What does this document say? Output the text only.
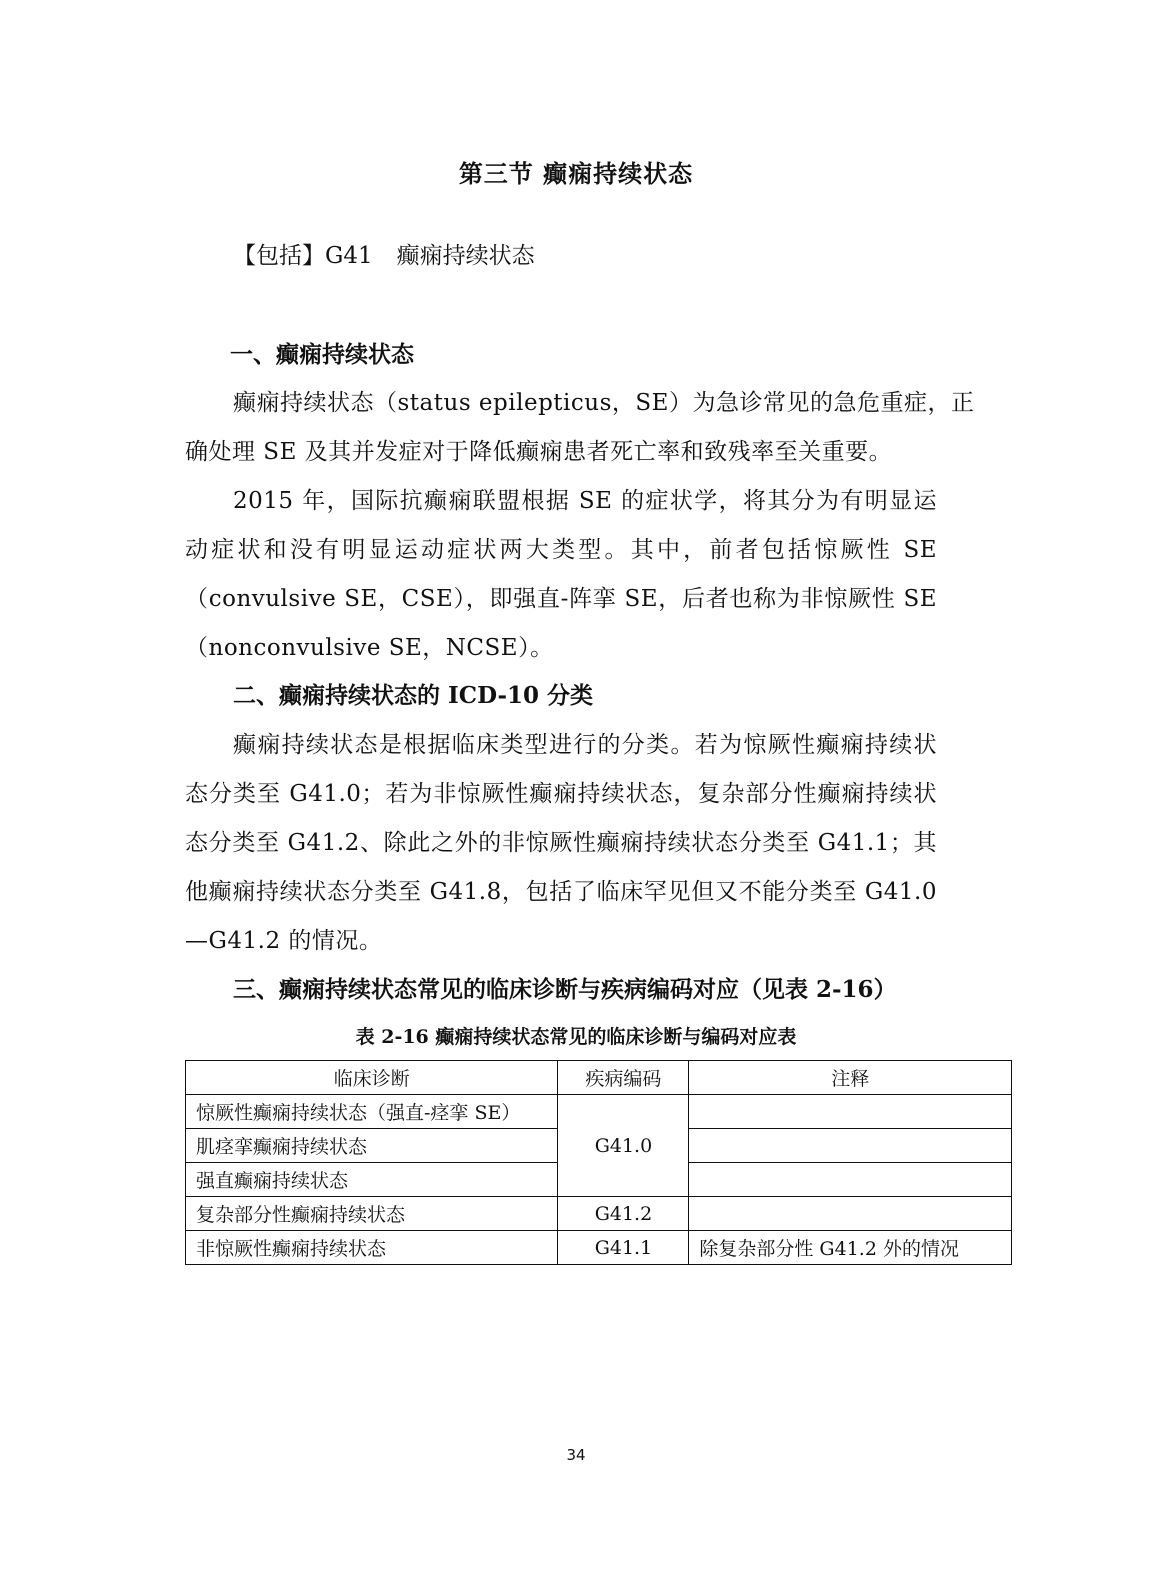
第三节 癫痫持续状态
【包括】G41 癫痫持续状态
一、癫痫持续状态
癫痫持续状态（status epilepticus，SE）为急诊常见的急危重症，正
确处理 SE 及其并发症对于降低癫痫患者死亡率和致残率至关重要。
2015 年，国际抗癫痫联盟根据 SE 的症状学，将其分为有明显运
动症状和没有明显运动症状两大类型。其中，前者包括惊厥性 SE
（convulsive SE，CSE），即强直-阵挛 SE，后者也称为非惊厥性 SE
（nonconvulsive SE，NCSE）。
二、癫痫持续状态的 ICD-10 分类
癫痫持续状态是根据临床类型进行的分类。若为惊厥性癫痫持续状
态分类至 G41.0；若为非惊厥性癫痫持续状态，复杂部分性癫痫持续状
态分类至 G41.2、除此之外的非惊厥性癫痫持续状态分类至 G41.1；其
他癫痫持续状态分类至 G41.8，包括了临床罕见但又不能分类至 G41.0
—G41.2 的情况。
三、癫痫持续状态常见的临床诊断与疾病编码对应（见表 2-16）
表 2-16 癫痫持续状态常见的临床诊断与编码对应表
临床诊断	疾病编码	注释
惊厥性癫痫持续状态（强直-痉挛 SE）	G41.0	
肌痉挛癫痫持续状态		
强直癫痫持续状态		
复杂部分性癫痫持续状态	G41.2	
非惊厥性癫痫持续状态	G41.1	除复杂部分性 G41.2 外的情况
34
